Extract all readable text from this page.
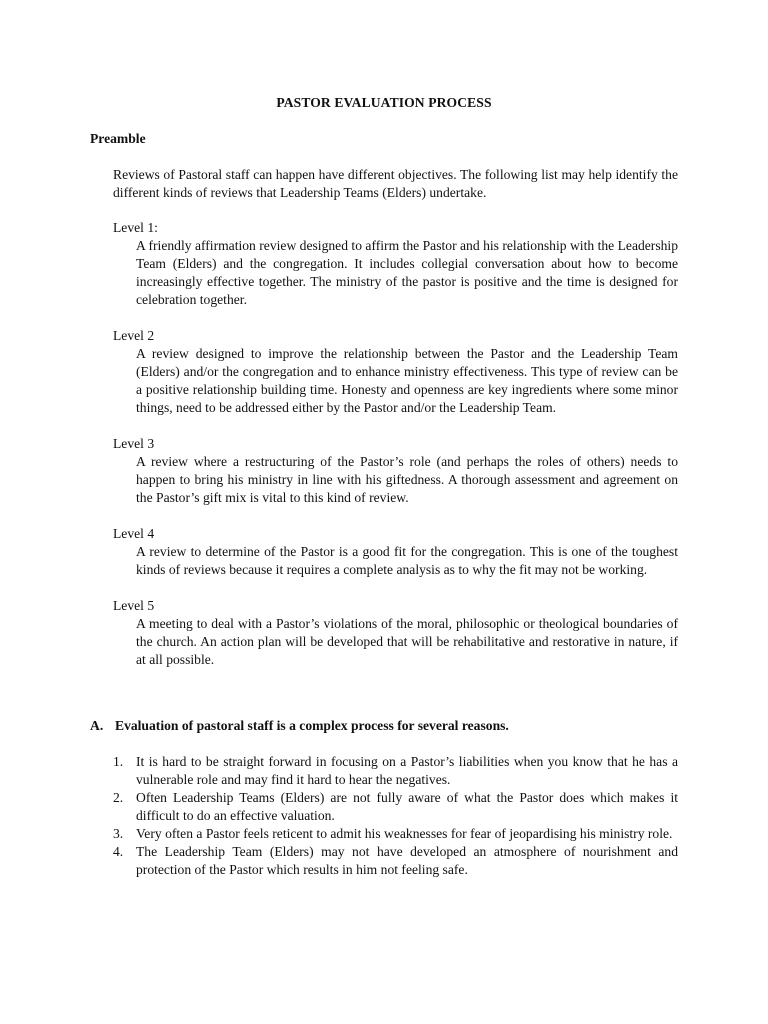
PASTOR EVALUATION PROCESS
Preamble

Reviews of Pastoral staff can happen have different objectives. The following list may help identify the different kinds of reviews that Leadership Teams (Elders) undertake.

Level 1:
A friendly affirmation review designed to affirm the Pastor and his relationship with the Leadership Team (Elders) and the congregation. It includes collegial conversation about how to become increasingly effective together. The ministry of the pastor is positive and the time is designed for celebration together.
Level 2
A review designed to improve the relationship between the Pastor and the Leadership Team (Elders) and/or the congregation and to enhance ministry effectiveness. This type of review can be a positive relationship building time. Honesty and openness are key ingredients where some minor things, need to be addressed either by the Pastor and/or the Leadership Team.
Level 3
A review where a restructuring of the Pastor’s role (and perhaps the roles of others) needs to happen to bring his ministry in line with his giftedness. A thorough assessment and agreement on the Pastor’s gift mix is vital to this kind of review.
Level 4
A review to determine of the Pastor is a good fit for the congregation. This is one of the toughest kinds of reviews because it requires a complete analysis as to why the fit may not be working.
Level 5
A meeting to deal with a Pastor’s violations of the moral, philosophic or theological boundaries of the church. An action plan will be developed that will be rehabilitative and restorative in nature, if at all possible.
A. Evaluation of pastoral staff is a complex process for several reasons.
1. It is hard to be straight forward in focusing on a Pastor’s liabilities when you know that he has a vulnerable role and may find it hard to hear the negatives.
2. Often Leadership Teams (Elders) are not fully aware of what the Pastor does which makes it difficult to do an effective valuation.
3. Very often a Pastor feels reticent to admit his weaknesses for fear of jeopardising his ministry role.
4. The Leadership Team (Elders) may not have developed an atmosphere of nourishment and protection of the Pastor which results in him not feeling safe.
